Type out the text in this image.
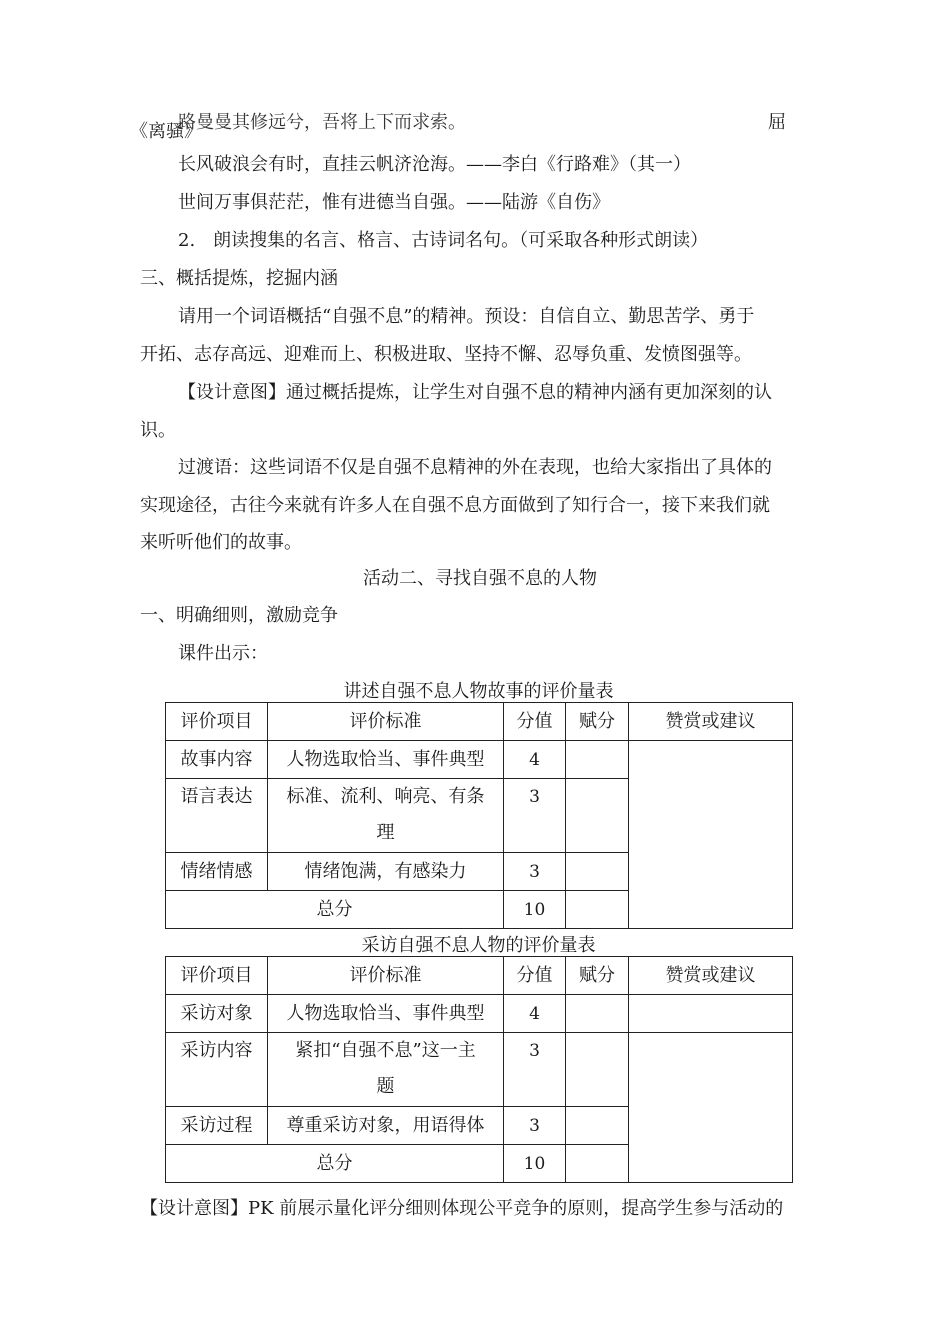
路曼曼其修远兮，吾将上下而求索。
《离骚》	屈
长风破浪会有时，直挂云帆济沧海。——李白《行路难》（其一）
世间万事俱茫茫，惟有进德当自强。——陆游《自伤》
2.　朗读搜集的名言、格言、古诗词名句。（可采取各种形式朗读）
三、概括提炼，挖掘内涵
请用一个词语概括“自强不息”的精神。预设：自信自立、勤思苦学、勇于
开拓、志存高远、迎难而上、积极进取、坚持不懈、忍辱负重、发愤图强等。
【设计意图】通过概括提炼，让学生对自强不息的精神内涵有更加深刻的认
识。
过渡语：这些词语不仅是自强不息精神的外在表现，也给大家指出了具体的
实现途径，古往今来就有许多人在自强不息方面做到了知行合一，接下来我们就
来听听他们的故事。
活动二、寻找自强不息的人物
一、明确细则，激励竞争
课件出示：
讲述自强不息人物故事的评价量表
评价项目	评价标准	分值	赋分	赞赏或建议
故事内容	人物选取恰当、事件典型	4		
语言表达	标准、流利、响亮、有条
理	3		
情绪情感	情绪饱满，有感染力	3		
总分		10		
采访自强不息人物的评价量表
评价项目	评价标准	分值	赋分	赞赏或建议
采访对象	人物选取恰当、事件典型	4		
采访内容	紧扣“自强不息”这一主
题	3		
采访过程	尊重采访对象，用语得体	3		
总分		10		
【设计意图】PK 前展示量化评分细则体现公平竞争的原则，提高学生参与活动的
